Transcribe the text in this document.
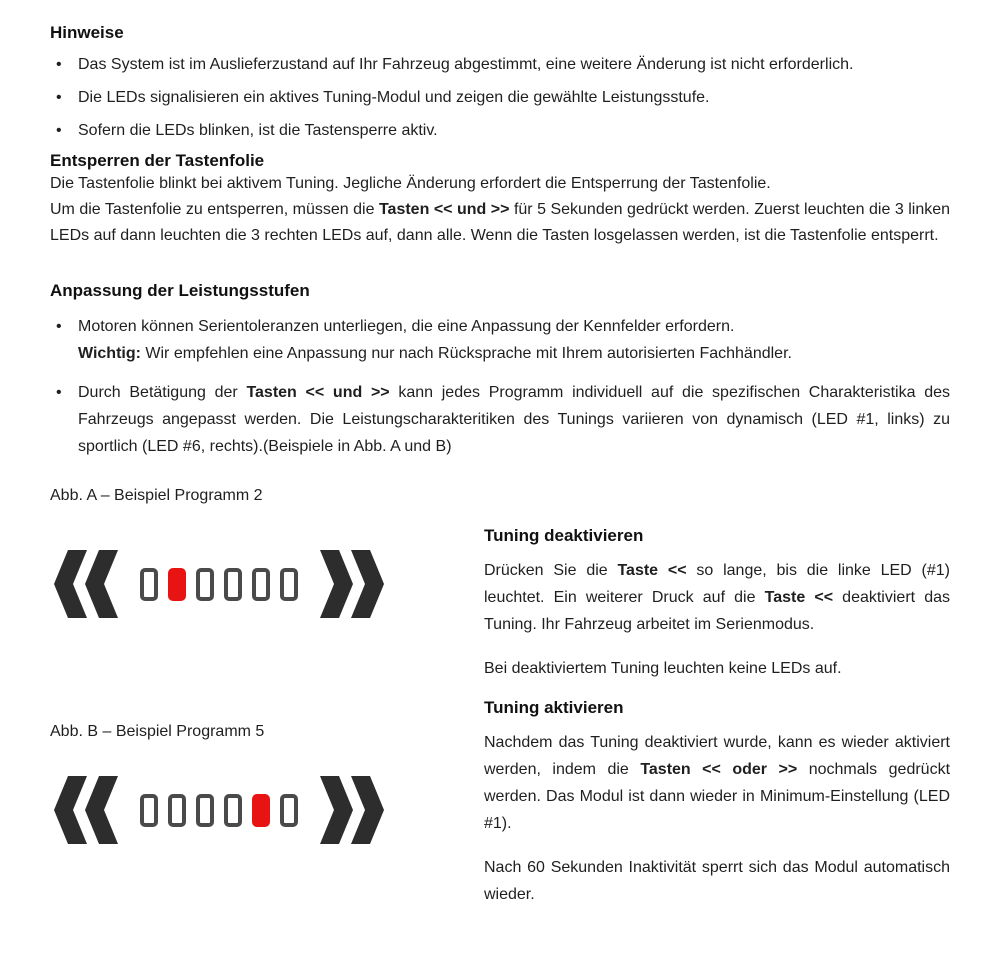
Hinweise
• Das System ist im Auslieferzustand auf Ihr Fahrzeug abgestimmt, eine weitere Änderung ist nicht erforderlich.
• Die LEDs signalisieren ein aktives Tuning-Modul und zeigen die gewählte Leistungsstufe.
• Sofern die LEDs blinken, ist die Tastensperre aktiv.
Entsperren der Tastenfolie

Die Tastenfolie blinkt bei aktivem Tuning. Jegliche Änderung erfordert die Entsperrung der Tastenfolie.

Um die Tastenfolie zu entsperren, müssen die Tasten << und >> für 5 Sekunden gedrückt werden. Zuerst leuchten die 3 linken LEDs auf dann leuchten die 3 rechten LEDs auf, dann alle. Wenn die Tasten losgelassen werden, ist die Tastenfolie entsperrt.

Anpassung der Leistungsstufen
• Motoren können Serientoleranzen unterliegen, die eine Anpassung der Kennfelder erfordern.
Wichtig: Wir empfehlen eine Anpassung nur nach Rücksprache mit Ihrem autorisierten Fachhändler.
• Durch Betätigung der Tasten << und >> kann jedes Programm individuell auf die spezifischen Charakteristika des Fahrzeugs angepasst werden. Die Leistungscharakteritiken des Tunings variieren von dynamisch (LED #1, links) zu sportlich (LED #6, rechts).(Beispiele in Abb. A und B)
Abb. A – Beispiel Programm 2
Abb. B – Beispiel Programm 5
Tuning deaktivieren

Drücken Sie die Taste << so lange, bis die linke LED (#1) leuchtet. Ein weiterer Druck auf die Taste << deaktiviert das Tuning. Ihr Fahrzeug arbeitet im Serienmodus.

Bei deaktiviertem Tuning leuchten keine LEDs auf.

Tuning aktivieren

Nachdem das Tuning deaktiviert wurde, kann es wieder aktiviert werden, indem die Tasten << oder >> nochmals gedrückt werden. Das Modul ist dann wieder in Minimum-Einstellung (LED #1).

Nach 60 Sekunden Inaktivität sperrt sich das Modul automatisch wieder.
